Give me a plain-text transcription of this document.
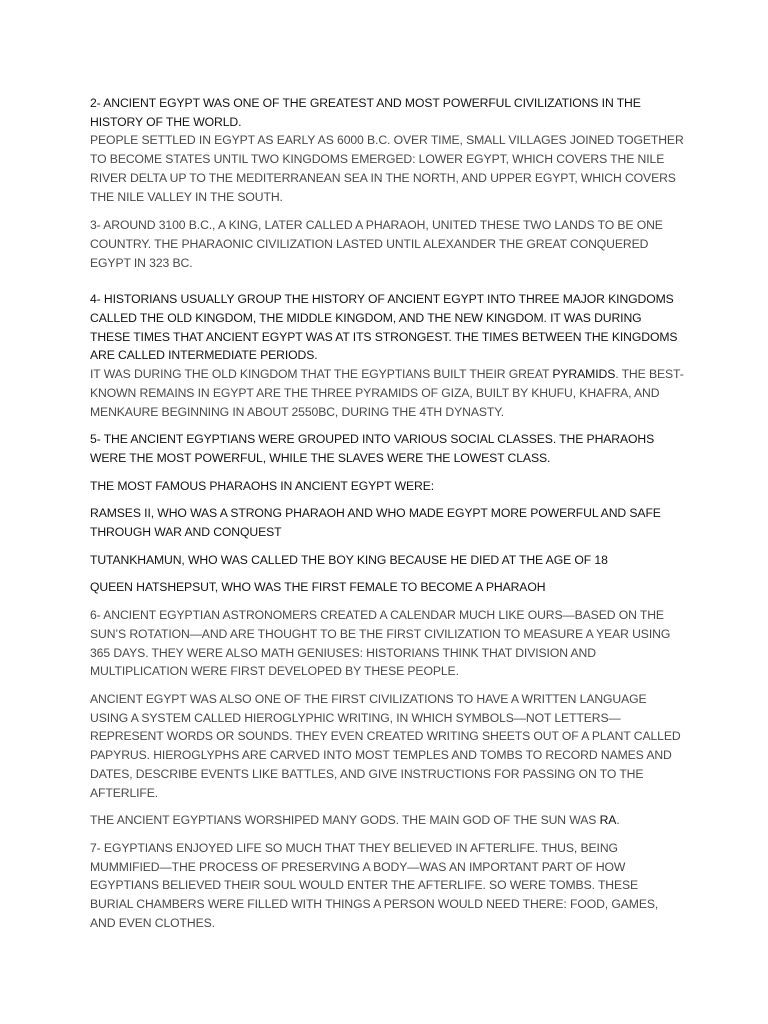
2- ANCIENT EGYPT WAS ONE OF THE GREATEST AND MOST POWERFUL CIVILIZATIONS IN THE HISTORY OF THE WORLD.

PEOPLE SETTLED IN EGYPT AS EARLY AS 6000 B.C. OVER TIME, SMALL VILLAGES JOINED TOGETHER TO BECOME STATES UNTIL TWO KINGDOMS EMERGED: LOWER EGYPT, WHICH COVERS THE NILE RIVER DELTA UP TO THE MEDITERRANEAN SEA IN THE NORTH, AND UPPER EGYPT, WHICH COVERS THE NILE VALLEY IN THE SOUTH.

3- AROUND 3100 B.C., A KING, LATER CALLED A PHARAOH, UNITED THESE TWO LANDS TO BE ONE COUNTRY. THE PHARAONIC CIVILIZATION LASTED UNTIL ALEXANDER THE GREAT CONQUERED EGYPT IN 323 BC.

4- HISTORIANS USUALLY GROUP THE HISTORY OF ANCIENT EGYPT INTO THREE MAJOR KINGDOMS CALLED THE OLD KINGDOM, THE MIDDLE KINGDOM, AND THE NEW KINGDOM. IT WAS DURING THESE TIMES THAT ANCIENT EGYPT WAS AT ITS STRONGEST. THE TIMES BETWEEN THE KINGDOMS ARE CALLED INTERMEDIATE PERIODS.

IT WAS DURING THE OLD KINGDOM THAT THE EGYPTIANS BUILT THEIR GREAT PYRAMIDS. THE BEST-KNOWN REMAINS IN EGYPT ARE THE THREE PYRAMIDS OF GIZA, BUILT BY KHUFU, KHAFRA, AND MENKAURE BEGINNING IN ABOUT 2550BC, DURING THE 4TH DYNASTY.

5- THE ANCIENT EGYPTIANS WERE GROUPED INTO VARIOUS SOCIAL CLASSES. THE PHARAOHS WERE THE MOST POWERFUL, WHILE THE SLAVES WERE THE LOWEST CLASS.

THE MOST FAMOUS PHARAOHS IN ANCIENT EGYPT WERE:

RAMSES II, WHO WAS A STRONG PHARAOH AND WHO MADE EGYPT MORE POWERFUL AND SAFE THROUGH WAR AND CONQUEST

TUTANKHAMUN, WHO WAS CALLED THE BOY KING BECAUSE HE DIED AT THE AGE OF 18

QUEEN HATSHEPSUT, WHO WAS THE FIRST FEMALE TO BECOME A PHARAOH

6- ANCIENT EGYPTIAN ASTRONOMERS CREATED A CALENDAR MUCH LIKE OURS—BASED ON THE SUN’S ROTATION—AND ARE THOUGHT TO BE THE FIRST CIVILIZATION TO MEASURE A YEAR USING 365 DAYS. THEY WERE ALSO MATH GENIUSES: HISTORIANS THINK THAT DIVISION AND MULTIPLICATION WERE FIRST DEVELOPED BY THESE PEOPLE.

ANCIENT EGYPT WAS ALSO ONE OF THE FIRST CIVILIZATIONS TO HAVE A WRITTEN LANGUAGE USING A SYSTEM CALLED HIEROGLYPHIC WRITING, IN WHICH SYMBOLS—NOT LETTERS—REPRESENT WORDS OR SOUNDS. THEY EVEN CREATED WRITING SHEETS OUT OF A PLANT CALLED PAPYRUS. HIEROGLYPHS ARE CARVED INTO MOST TEMPLES AND TOMBS TO RECORD NAMES AND DATES, DESCRIBE EVENTS LIKE BATTLES, AND GIVE INSTRUCTIONS FOR PASSING ON TO THE AFTERLIFE.

THE ANCIENT EGYPTIANS WORSHIPED MANY GODS. THE MAIN GOD OF THE SUN WAS RA.

7- EGYPTIANS ENJOYED LIFE SO MUCH THAT THEY BELIEVED IN AFTERLIFE. THUS, BEING MUMMIFIED—THE PROCESS OF PRESERVING A BODY—WAS AN IMPORTANT PART OF HOW EGYPTIANS BELIEVED THEIR SOUL WOULD ENTER THE AFTERLIFE. SO WERE TOMBS. THESE BURIAL CHAMBERS WERE FILLED WITH THINGS A PERSON WOULD NEED THERE: FOOD, GAMES, AND EVEN CLOTHES.
